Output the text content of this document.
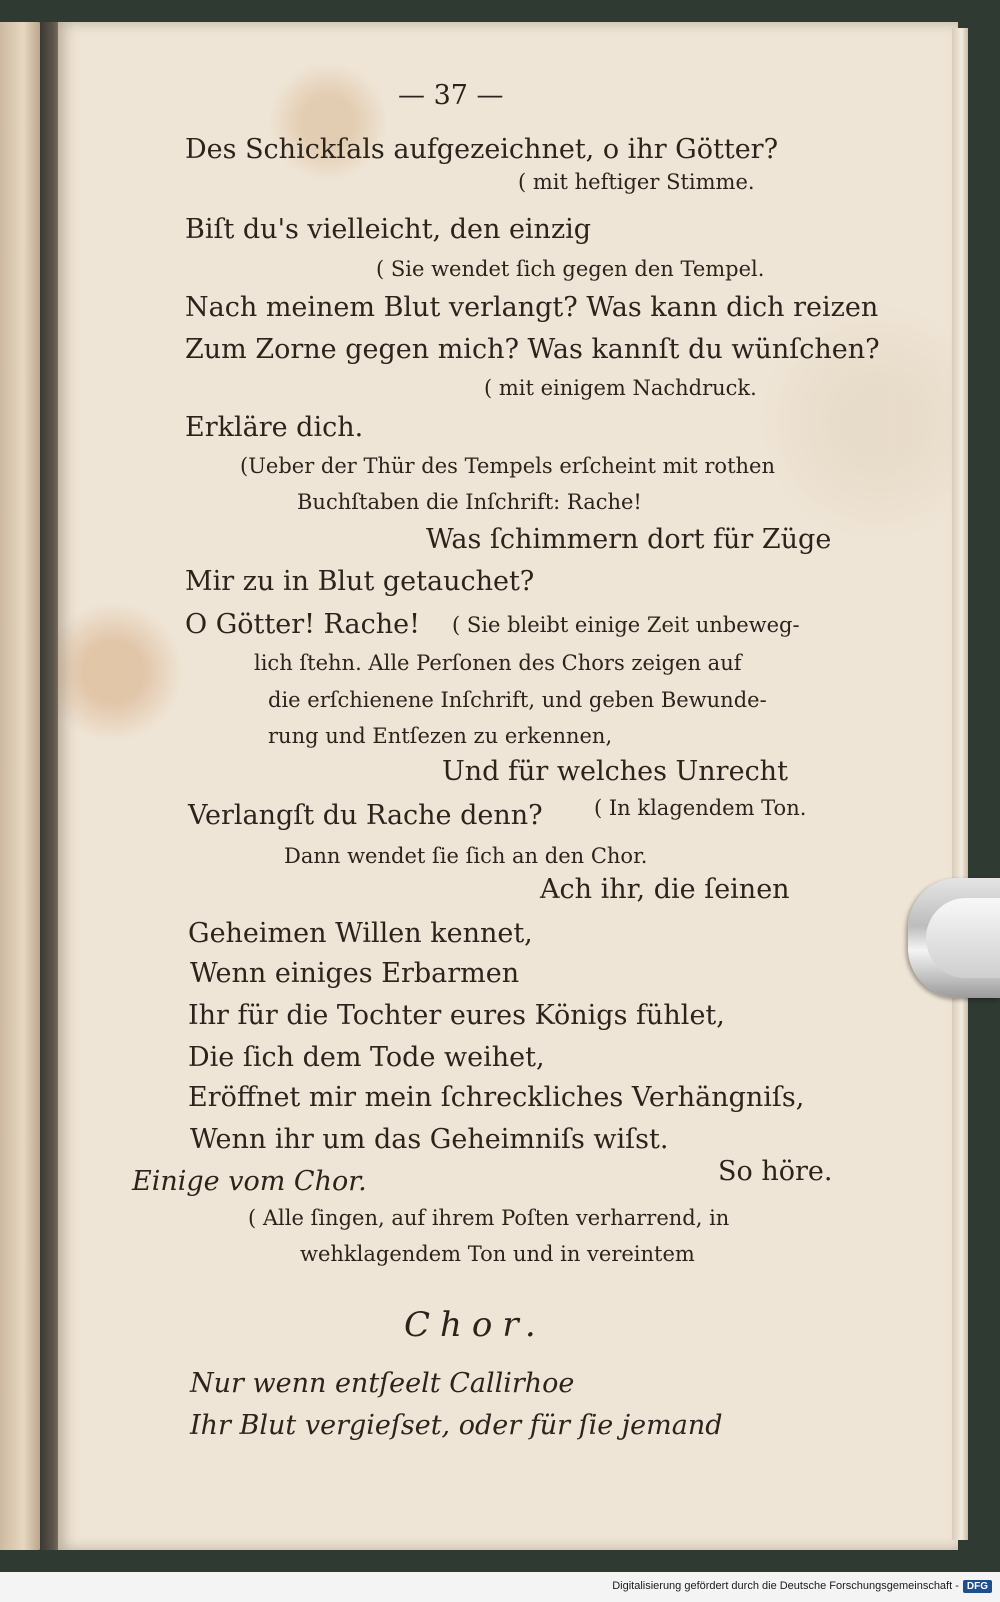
— 37 —
Des Schickſals aufgezeichnet, o ihr Götter?
( mit heftiger Stimme.
Biſt du's vielleicht, den einzig
( Sie wendet ſich gegen den Tempel.
Nach meinem Blut verlangt? Was kann dich reizen
Zum Zorne gegen mich? Was kannſt du wünſchen?
( mit einigem Nachdruck.
Erkläre dich.
(Ueber der Thür des Tempels erſcheint mit rothen
Buchſtaben die Inſchrift: Rache!
Was ſchimmern dort für Züge
Mir zu in Blut getauchet?
O Götter! Rache! ( Sie bleibt einige Zeit unbeweg-
lich ſtehn. Alle Perſonen des Chors zeigen auf
die erſchienene Inſchrift, und geben Bewunde-
rung und Entſezen zu erkennen,
Und für welches Unrecht
Verlangſt du Rache denn? ( In klagendem Ton.
Dann wendet ſie ſich an den Chor.
Ach ihr, die ſeinen
Geheimen Willen kennet,
Wenn einiges Erbarmen
Ihr für die Tochter eures Königs fühlet,
Die ſich dem Tode weihet,
Eröffnet mir mein ſchreckliches Verhängniſs,
Wenn ihr um das Geheimniſs wiſst.
Einige vom Chor.	So höre.
( Alle ſingen, auf ihrem Poſten verharrend, in
wehklagendem Ton und in vereintem
Chor.
Nur wenn entſeelt Callirhoe
Ihr Blut vergieſset, oder für ſie jemand
Digitalisierung gefördert durch die Deutsche Forschungsgemeinschaft - DFG
